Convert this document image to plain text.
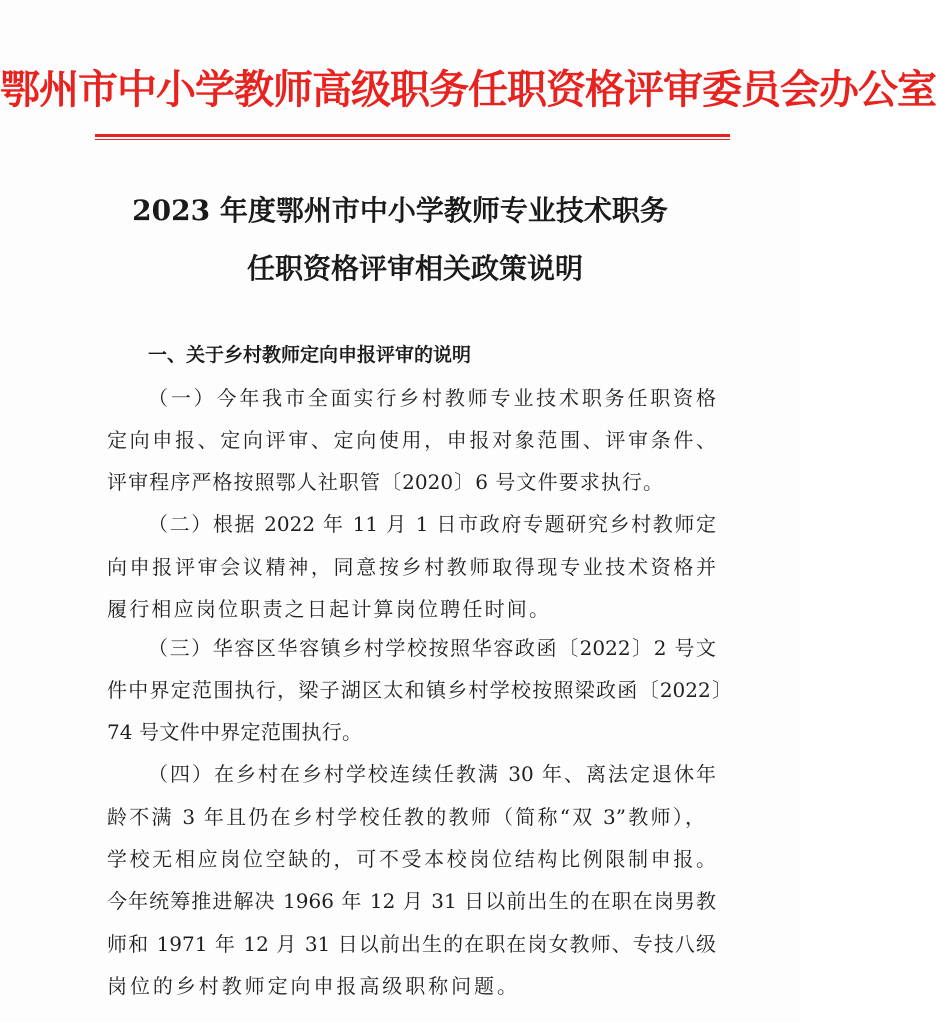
鄂州市中小学教师高级职务任职资格评审委员会办公室
2023 年度鄂州市中小学教师专业技术职务
任职资格评审相关政策说明
一、关于乡村教师定向申报评审的说明
（一）今年我市全面实行乡村教师专业技术职务任职资格
定向申报、定向评审、定向使用，申报对象范围、评审条件、
评审程序严格按照鄂人社职管〔2020〕6 号文件要求执行。
（二）根据 2022 年 11 月 1 日市政府专题研究乡村教师定
向申报评审会议精神，同意按乡村教师取得现专业技术资格并
履行相应岗位职责之日起计算岗位聘任时间。
（三）华容区华容镇乡村学校按照华容政函〔2022〕2 号文
件中界定范围执行，梁子湖区太和镇乡村学校按照梁政函〔2022〕
74 号文件中界定范围执行。
（四）在乡村在乡村学校连续任教满 30 年、离法定退休年
龄不满 3 年且仍在乡村学校任教的教师（简称“双 3”教师），
学校无相应岗位空缺的，可不受本校岗位结构比例限制申报。
今年统筹推进解决 1966 年 12 月 31 日以前出生的在职在岗男教
师和 1971 年 12 月 31 日以前出生的在职在岗女教师、专技八级
岗位的乡村教师定向申报高级职称问题。
